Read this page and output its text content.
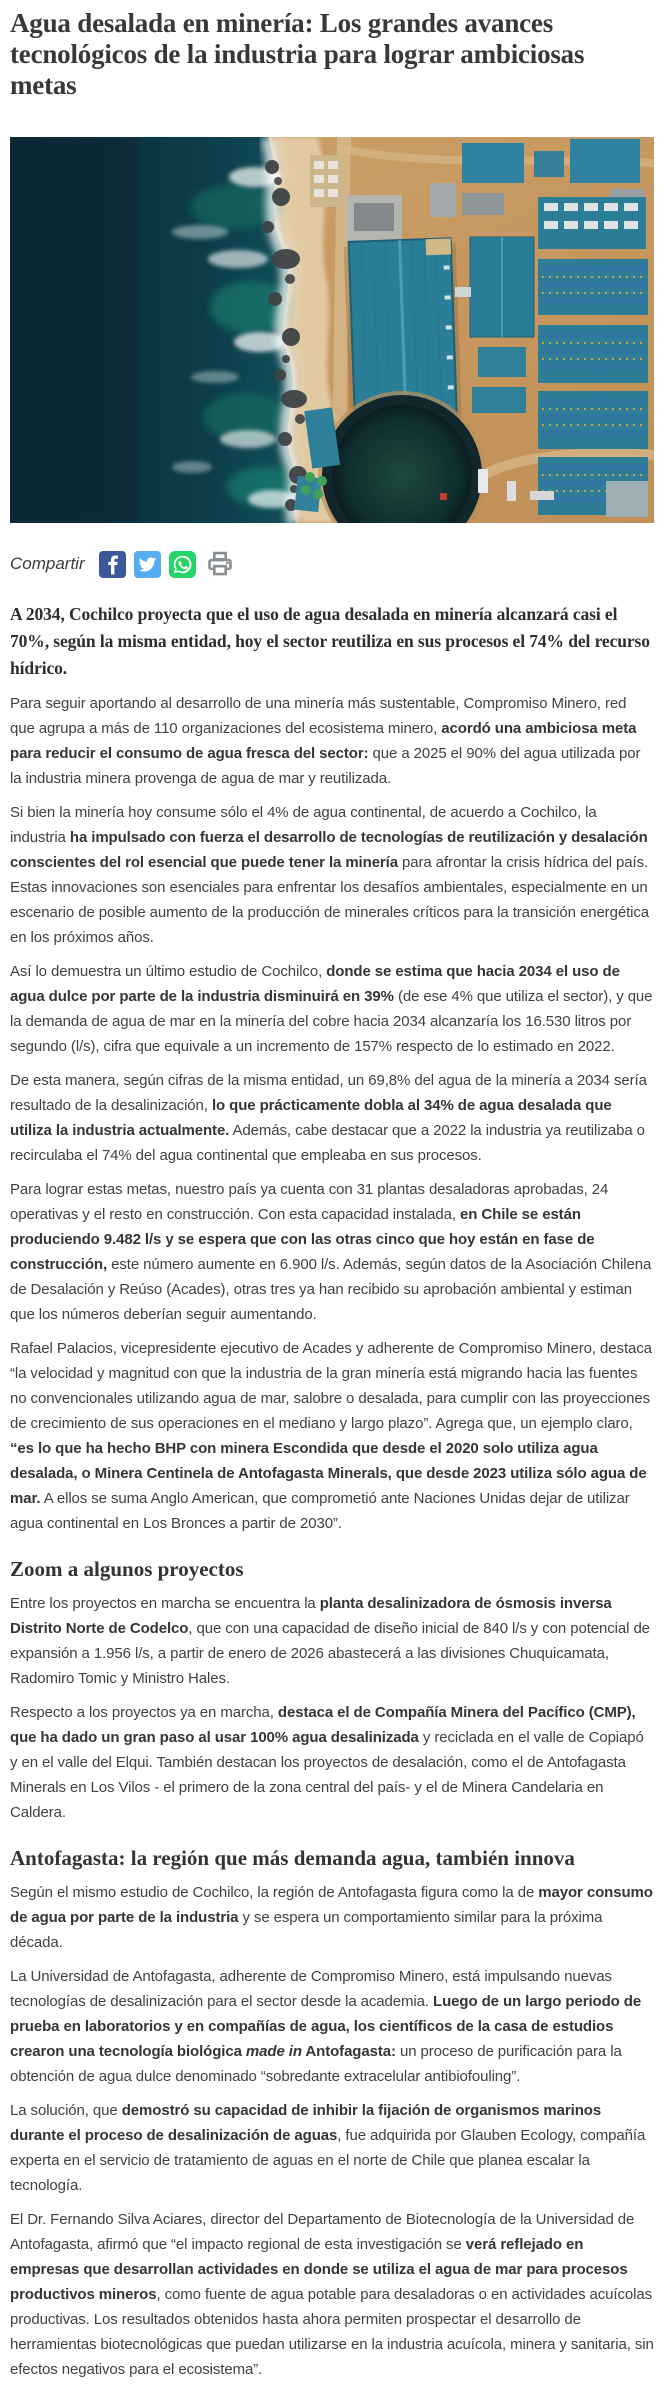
Agua desalada en minería: Los grandes avances tecnológicos de la industria para lograr ambiciosas metas
Compartir

A 2034, Cochilco proyecta que el uso de agua desalada en minería alcanzará casi el 70%, según la misma entidad, hoy el sector reutiliza en sus procesos el 74% del recurso hídrico.

Para seguir aportando al desarrollo de una minería más sustentable, Compromiso Minero, red que agrupa a más de 110 organizaciones del ecosistema minero, acordó una ambiciosa meta para reducir el consumo de agua fresca del sector: que a 2025 el 90% del agua utilizada por la industria minera provenga de agua de mar y reutilizada.

Si bien la minería hoy consume sólo el 4% de agua continental, de acuerdo a Cochilco, la industria ha impulsado con fuerza el desarrollo de tecnologías de reutilización y desalación conscientes del rol esencial que puede tener la minería para afrontar la crisis hídrica del país. Estas innovaciones son esenciales para enfrentar los desafíos ambientales, especialmente en un escenario de posible aumento de la producción de minerales críticos para la transición energética en los próximos años.

Así lo demuestra un último estudio de Cochilco, donde se estima que hacia 2034 el uso de agua dulce por parte de la industria disminuirá en 39% (de ese 4% que utiliza el sector), y que la demanda de agua de mar en la minería del cobre hacia 2034 alcanzaría los 16.530 litros por segundo (l/s), cifra que equivale a un incremento de 157% respecto de lo estimado en 2022.

De esta manera, según cifras de la misma entidad, un 69,8% del agua de la minería a 2034 sería resultado de la desalinización, lo que prácticamente dobla al 34% de agua desalada que utiliza la industria actualmente. Además, cabe destacar que a 2022 la industria ya reutilizaba o recirculaba el 74% del agua continental que empleaba en sus procesos.

Para lograr estas metas, nuestro país ya cuenta con 31 plantas desaladoras aprobadas, 24 operativas y el resto en construcción. Con esta capacidad instalada, en Chile se están produciendo 9.482 l/s y se espera que con las otras cinco que hoy están en fase de construcción, este número aumente en 6.900 l/s. Además, según datos de la Asociación Chilena de Desalación y Reúso (Acades), otras tres ya han recibido su aprobación ambiental y estiman que los números deberían seguir aumentando.

Rafael Palacios, vicepresidente ejecutivo de Acades y adherente de Compromiso Minero, destaca “la velocidad y magnitud con que la industria de la gran minería está migrando hacia las fuentes no convencionales utilizando agua de mar, salobre o desalada, para cumplir con las proyecciones de crecimiento de sus operaciones en el mediano y largo plazo”. Agrega que, un ejemplo claro, “es lo que ha hecho BHP con minera Escondida que desde el 2020 solo utiliza agua desalada, o Minera Centinela de Antofagasta Minerals, que desde 2023 utiliza sólo agua de mar. A ellos se suma Anglo American, que comprometió ante Naciones Unidas dejar de utilizar agua continental en Los Bronces a partir de 2030”.

Zoom a algunos proyectos

Entre los proyectos en marcha se encuentra la planta desalinizadora de ósmosis inversa Distrito Norte de Codelco, que con una capacidad de diseño inicial de 840 l/s y con potencial de expansión a 1.956 l/s, a partir de enero de 2026 abastecerá a las divisiones Chuquicamata, Radomiro Tomic y Ministro Hales.

Respecto a los proyectos ya en marcha, destaca el de Compañía Minera del Pacífico (CMP), que ha dado un gran paso al usar 100% agua desalinizada y reciclada en el valle de Copiapó y en el valle del Elqui. También destacan los proyectos de desalación, como el de Antofagasta Minerals en Los Vilos - el primero de la zona central del país- y el de Minera Candelaria en Caldera.

Antofagasta: la región que más demanda agua, también innova

Según el mismo estudio de Cochilco, la región de Antofagasta figura como la de mayor consumo de agua por parte de la industria y se espera un comportamiento similar para la próxima década.

La Universidad de Antofagasta, adherente de Compromiso Minero, está impulsando nuevas tecnologías de desalinización para el sector desde la academia. Luego de un largo periodo de prueba en laboratorios y en compañías de agua, los científicos de la casa de estudios crearon una tecnología biológica made in Antofagasta: un proceso de purificación para la obtención de agua dulce denominado “sobredante extracelular antibiofouling”.

La solución, que demostró su capacidad de inhibir la fijación de organismos marinos durante el proceso de desalinización de aguas, fue adquirida por Glauben Ecology, compañía experta en el servicio de tratamiento de aguas en el norte de Chile que planea escalar la tecnología.

El Dr. Fernando Silva Aciares, director del Departamento de Biotecnología de la Universidad de Antofagasta, afirmó que “el impacto regional de esta investigación se verá reflejado en empresas que desarrollan actividades en donde se utiliza el agua de mar para procesos productivos mineros, como fuente de agua potable para desaladoras o en actividades acuícolas productivas. Los resultados obtenidos hasta ahora permiten prospectar el desarrollo de herramientas biotecnológicas que puedan utilizarse en la industria acuícola, minera y sanitaria, sin efectos negativos para el ecosistema”.
